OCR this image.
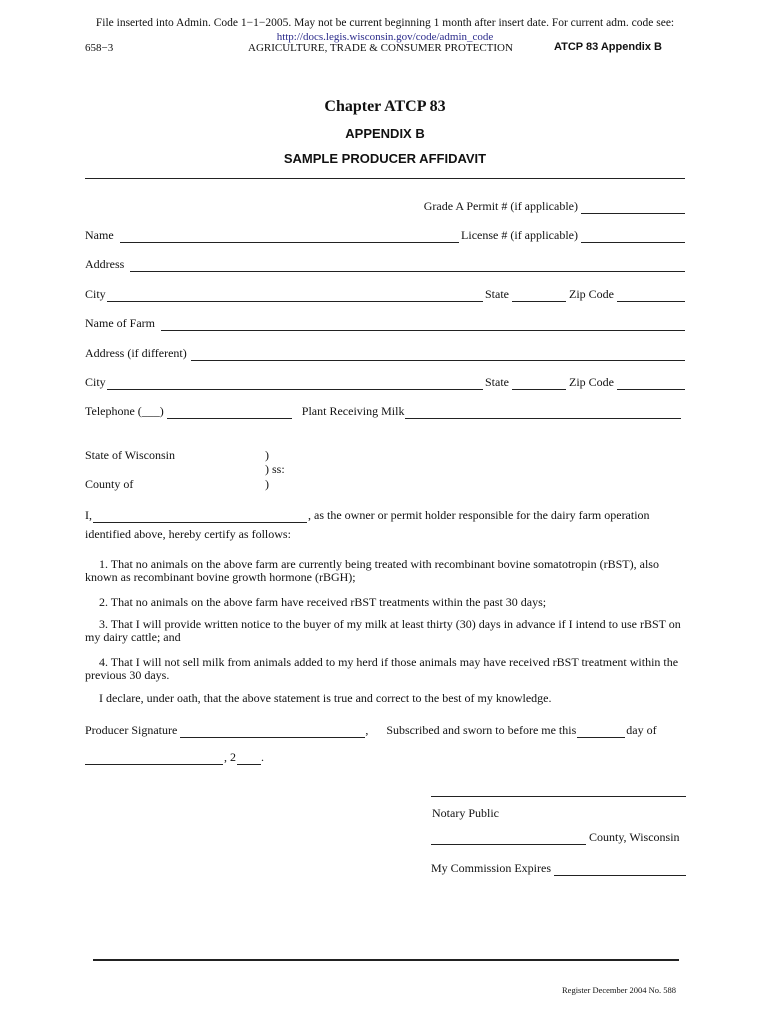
File inserted into Admin. Code 1−1−2005. May not be current beginning 1 month after insert date. For current adm. code see:
http://docs.legis.wisconsin.gov/code/admin_code
658−3	AGRICULTURE, TRADE & CONSUMER PROTECTION	ATCP 83 Appendix B
Chapter ATCP 83
APPENDIX B
SAMPLE PRODUCER AFFIDAVIT
Grade A Permit # (if applicable)
Name	License # (if applicable)
Address
City	State	Zip Code
Name of Farm
Address (if different)
City	State	Zip Code
Telephone (___)	Plant Receiving Milk
State of Wisconsin	)
) ss:
County of	)
I,	, as the owner or permit holder responsible for the dairy farm operation
identified above, hereby certify as follows:
1. That no animals on the above farm are currently being treated with recombinant bovine somatotropin (rBST), also known as recombinant bovine growth hormone (rBGH);
2. That no animals on the above farm have received rBST treatments within the past 30 days;
3. That I will provide written notice to the buyer of my milk at least thirty (30) days in advance if I intend to use rBST on my dairy cattle; and
4. That I will not sell milk from animals added to my herd if those animals may have received rBST treatment within the previous 30 days.
I declare, under oath, that the above statement is true and correct to the best of my knowledge.
Producer Signature	, Subscribed and sworn to before me this	day of
, 2 .
Notary Public
County, Wisconsin
My Commission Expires
Register December 2004 No. 588
